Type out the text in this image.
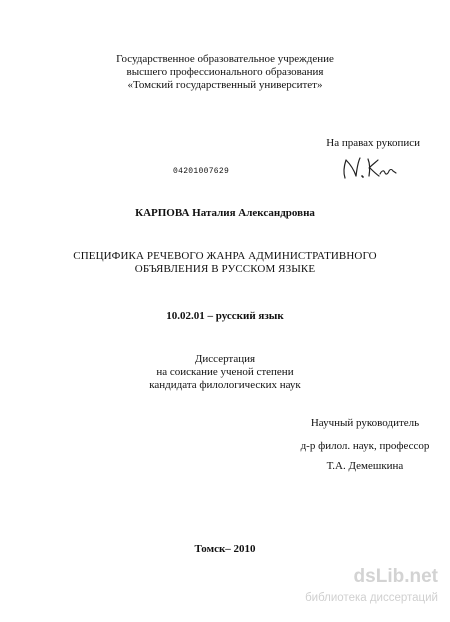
Государственное образовательное учреждение
высшего профессионального образования
«Томский государственный университет»
На правах рукописи
04201007629
КАРПОВА Наталия Александровна
СПЕЦИФИКА РЕЧЕВОГО ЖАНРА АДМИНИСТРАТИВНОГО
ОБЪЯВЛЕНИЯ В РУССКОМ ЯЗЫКЕ
10.02.01 – русский язык
Диссертация
на соискание ученой степени
кандидата филологических наук
Научный руководитель
д-р филол. наук, профессор
Т.А. Демешкина
Томск– 2010
dsLib.net
библиотека диссертаций
